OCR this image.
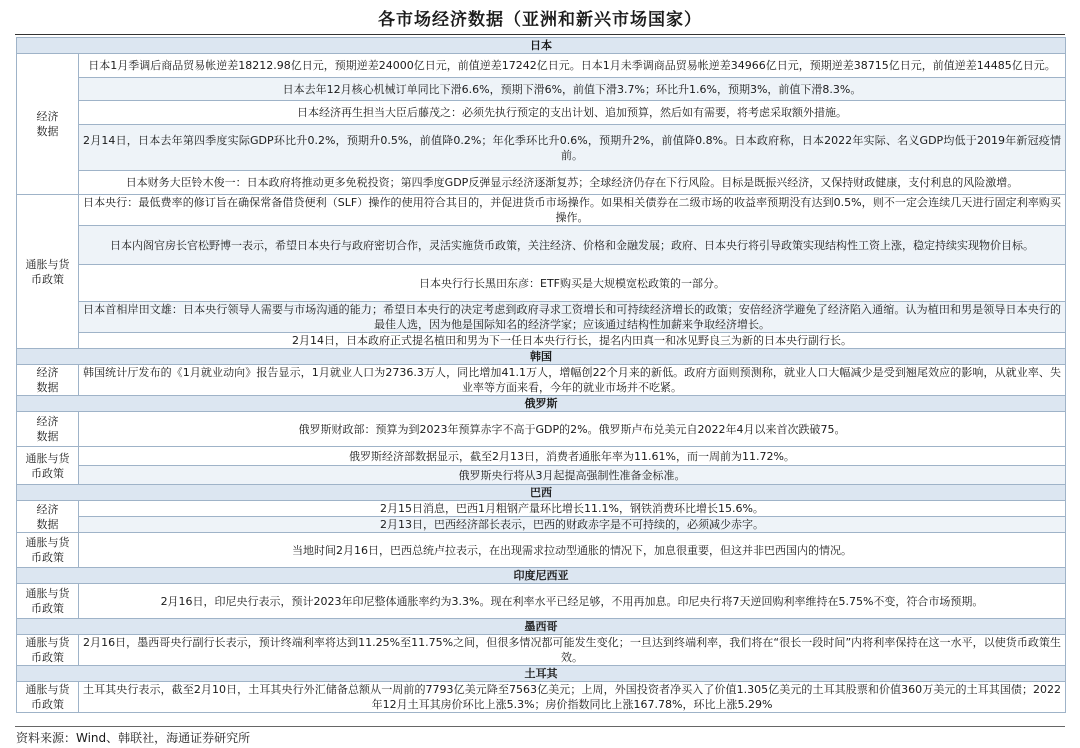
各市场经济数据（亚洲和新兴市场国家）
日本	
经济
数据	日本1月季调后商品贸易帐逆差18212.98亿日元，预期逆差24000亿日元，前值逆差17242亿日元。日本1月未季调商品贸易帐逆差34966亿日元，预期逆差38715亿日元，前值逆差14485亿日元。
	日本去年12月核心机械订单同比下滑6.6%，预期下滑6%，前值下滑3.7%；环比升1.6%，预期3%，前值下滑8.3%。
	日本经济再生担当大臣后藤茂之：必须先执行预定的支出计划、追加预算，然后如有需要，将考虑采取额外措施。
	2月14日，日本去年第四季度实际GDP环比升0.2%，预期升0.5%，前值降0.2%；年化季环比升0.6%，预期升2%，前值降0.8%。日本政府称，日本2022年实际、名义GDP均低于2019年新冠疫情前。
	日本财务大臣铃木俊一：日本政府将推动更多免税投资；第四季度GDP反弹显示经济逐渐复苏；全球经济仍存在下行风险。目标是既振兴经济，又保持财政健康，支付利息的风险激增。
通胀与货币政策	日本央行：最低费率的修订旨在确保常备借贷便利（SLF）操作的使用符合其目的，并促进货币市场操作。如果相关债券在二级市场的收益率预期没有达到0.5%，则不一定会连续几天进行固定利率购买操作。
	日本内阁官房长官松野博一表示，希望日本央行与政府密切合作，灵活实施货币政策，关注经济、价格和金融发展；政府、日本央行将引导政策实现结构性工资上涨，稳定持续实现物价目标。
	日本央行行长黑田东彦：ETF购买是大规模宽松政策的一部分。
	日本首相岸田文雄：日本央行领导人需要与市场沟通的能力；希望日本央行的决定考虑到政府寻求工资增长和可持续经济增长的政策；安倍经济学避免了经济陷入通缩。认为植田和男是领导日本央行的最佳人选，因为他是国际知名的经济学家；应该通过结构性加薪来争取经济增长。
	2月14日，日本政府正式提名植田和男为下一任日本央行行长，提名内田真一和冰见野良三为新的日本央行副行长。
韩国	
经济
数据	韩国统计厅发布的《1月就业动向》报告显示，1月就业人口为2736.3万人，同比增加41.1万人，增幅创22个月来的新低。政府方面则预测称，就业人口大幅减少是受到翘尾效应的影响，从就业率、失业率等方面来看，今年的就业市场并不吃紧。
俄罗斯	
经济
数据	俄罗斯财政部：预算为到2023年预算赤字不高于GDP的2%。俄罗斯卢布兑美元自2022年4月以来首次跌破75。
通胀与货币政策	俄罗斯经济部数据显示，截至2月13日，消费者通胀年率为11.61%，而一周前为11.72%。
	俄罗斯央行将从3月起提高强制性准备金标准。
巴西	
经济
数据	2月15日消息，巴西1月粗钢产量环比增长11.1%，钢铁消费环比增长15.6%。
	2月13日，巴西经济部长表示，巴西的财政赤字是不可持续的，必须减少赤字。
通胀与货币政策	当地时间2月16日，巴西总统卢拉表示，在出现需求拉动型通胀的情况下，加息很重要，但这并非巴西国内的情况。
印度尼西亚	
通胀与货币政策	2月16日，印尼央行表示，预计2023年印尼整体通胀率约为3.3%。现在利率水平已经足够，不用再加息。印尼央行将7天逆回购利率维持在5.75%不变，符合市场预期。
墨西哥	
通胀与货币政策	2月16日，墨西哥央行副行长表示，预计终端利率将达到11.25%至11.75%之间，但很多情况都可能发生变化；一旦达到终端利率，我们将在“很长一段时间”内将利率保持在这一水平，以使货币政策生效。
土耳其	
通胀与货币政策	土耳其央行表示，截至2月10日，土耳其央行外汇储备总额从一周前的7793亿美元降至7563亿美元；上周，外国投资者净买入了价值1.305亿美元的土耳其股票和价值360万美元的土耳其国债；2022年12月土耳其房价环比上涨5.3%；房价指数同比上涨167.78%，环比上涨5.29%
资料来源：Wind、韩联社，海通证券研究所
